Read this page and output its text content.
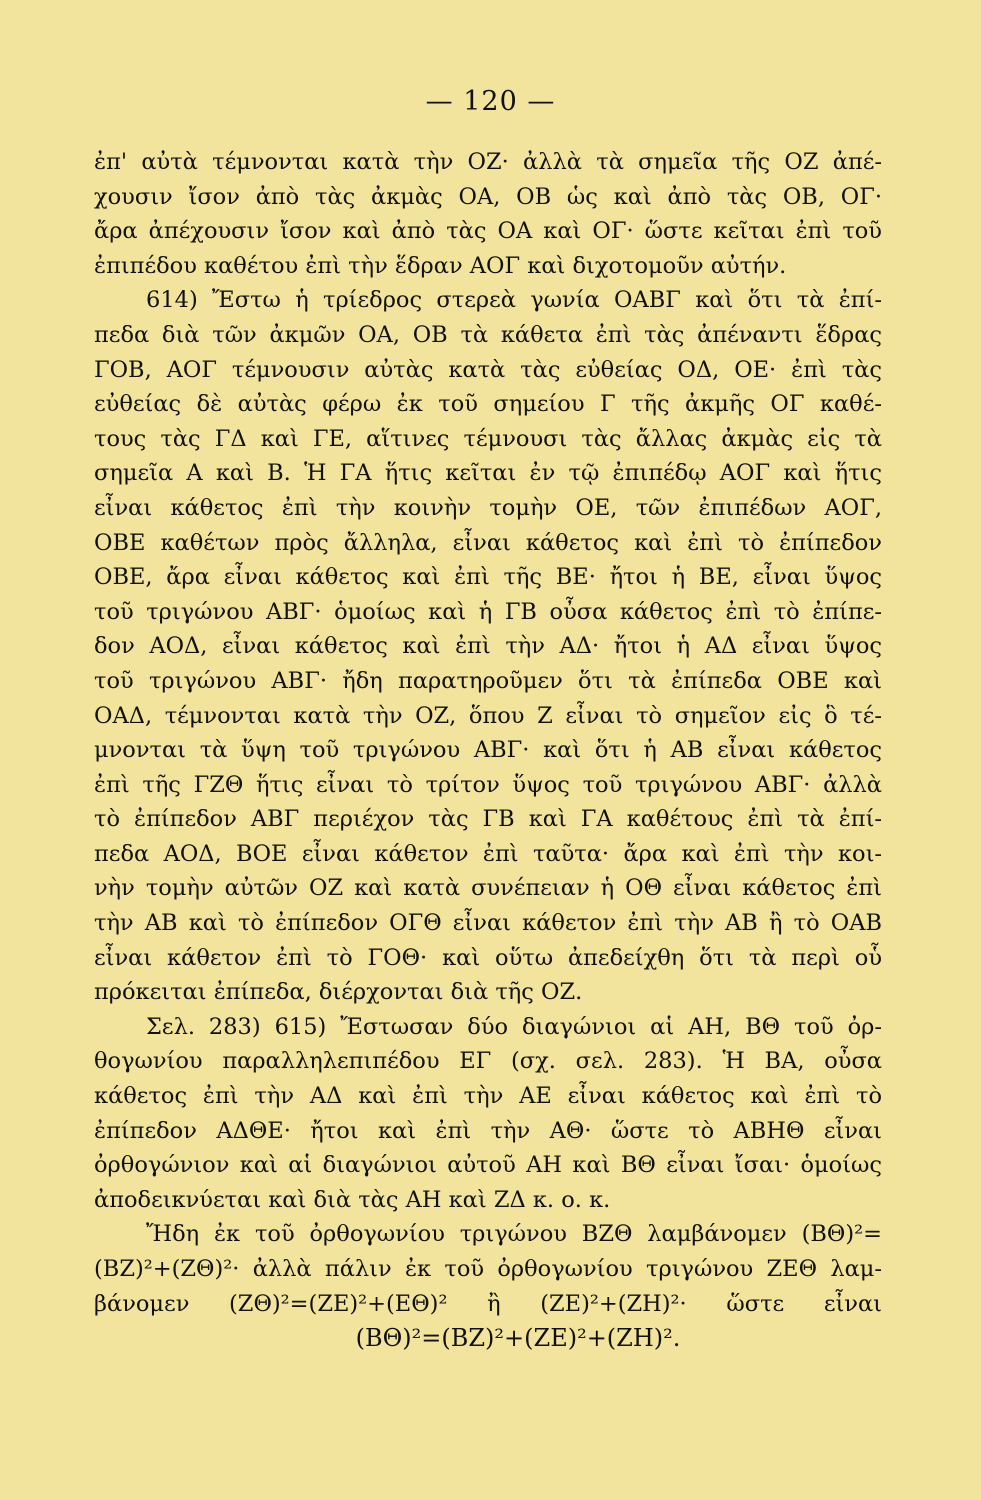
— 120 —
ἐπ' αὐτὰ τέμνονται κατὰ τὴν ΟΖ· ἀλλὰ τὰ σημεῖα τῆς ΟΖ ἀπέ-
χουσιν ἴσον ἀπὸ τὰς ἀκμὰς ΟΑ, ΟΒ ὡς καὶ ἀπὸ τὰς ΟΒ, ΟΓ·
ἄρα ἀπέχουσιν ἴσον καὶ ἀπὸ τὰς ΟΑ καὶ ΟΓ· ὥστε κεῖται ἐπὶ τοῦ
ἐπιπέδου καθέτου ἐπὶ τὴν ἕδραν ΑΟΓ καὶ διχοτομοῦν αὐτήν.
614) Ἔστω ἡ τρίεδρος στερεὰ γωνία ΟΑΒΓ καὶ ὅτι τὰ ἐπί-
πεδα διὰ τῶν ἀκμῶν ΟΑ, ΟΒ τὰ κάθετα ἐπὶ τὰς ἀπέναντι ἕδρας
ΓΟΒ, ΑΟΓ τέμνουσιν αὐτὰς κατὰ τὰς εὐθείας ΟΔ, ΟΕ· ἐπὶ τὰς
εὐθείας δὲ αὐτὰς φέρω ἐκ τοῦ σημείου Γ τῆς ἀκμῆς ΟΓ καθέ-
τους τὰς ΓΔ καὶ ΓΕ, αἵτινες τέμνουσι τὰς ἄλλας ἀκμὰς εἰς τὰ
σημεῖα Α καὶ Β. Ἡ ΓΑ ἥτις κεῖται ἐν τῷ ἐπιπέδῳ ΑΟΓ καὶ ἥτις
εἶναι κάθετος ἐπὶ τὴν κοινὴν τομὴν ΟΕ, τῶν ἐπιπέδων ΑΟΓ,
ΟΒΕ καθέτων πρὸς ἄλληλα, εἶναι κάθετος καὶ ἐπὶ τὸ ἐπίπεδον
ΟΒΕ, ἄρα εἶναι κάθετος καὶ ἐπὶ τῆς ΒΕ· ἤτοι ἡ ΒΕ, εἶναι ὕψος
τοῦ τριγώνου ΑΒΓ· ὁμοίως καὶ ἡ ΓΒ οὖσα κάθετος ἐπὶ τὸ ἐπίπε-
δον ΑΟΔ, εἶναι κάθετος καὶ ἐπὶ τὴν ΑΔ· ἤτοι ἡ ΑΔ εἶναι ὕψος
τοῦ τριγώνου ΑΒΓ· ἤδη παρατηροῦμεν ὅτι τὰ ἐπίπεδα ΟΒΕ καὶ
ΟΑΔ, τέμνονται κατὰ τὴν ΟΖ, ὅπου Ζ εἶναι τὸ σημεῖον εἰς ὃ τέ-
μνονται τὰ ὕψη τοῦ τριγώνου ΑΒΓ· καὶ ὅτι ἡ ΑΒ εἶναι κάθετος
ἐπὶ τῆς ΓΖΘ ἥτις εἶναι τὸ τρίτον ὕψος τοῦ τριγώνου ΑΒΓ· ἀλλὰ
τὸ ἐπίπεδον ΑΒΓ περιέχον τὰς ΓΒ καὶ ΓΑ καθέτους ἐπὶ τὰ ἐπί-
πεδα ΑΟΔ, ΒΟΕ εἶναι κάθετον ἐπὶ ταῦτα· ἄρα καὶ ἐπὶ τὴν κοι-
νὴν τομὴν αὐτῶν ΟΖ καὶ κατὰ συνέπειαν ἡ ΟΘ εἶναι κάθετος ἐπὶ
τὴν ΑΒ καὶ τὸ ἐπίπεδον ΟΓΘ εἶναι κάθετον ἐπὶ τὴν ΑΒ ἢ τὸ ΟΑΒ
εἶναι κάθετον ἐπὶ τὸ ΓΟΘ· καὶ οὕτω ἀπεδείχθη ὅτι τὰ περὶ οὗ
πρόκειται ἐπίπεδα, διέρχονται διὰ τῆς ΟΖ.
Σελ. 283) 615) Ἔστωσαν δύο διαγώνιοι αἱ ΑΗ, ΒΘ τοῦ ὀρ-
θογωνίου παραλληλεπιπέδου ΕΓ (σχ. σελ. 283). Ἡ ΒΑ, οὖσα
κάθετος ἐπὶ τὴν ΑΔ καὶ ἐπὶ τὴν ΑΕ εἶναι κάθετος καὶ ἐπὶ τὸ
ἐπίπεδον ΑΔΘΕ· ἤτοι καὶ ἐπὶ τὴν ΑΘ· ὥστε τὸ ΑΒΗΘ εἶναι
ὀρθογώνιον καὶ αἱ διαγώνιοι αὐτοῦ ΑΗ καὶ ΒΘ εἶναι ἴσαι· ὁμοίως
ἀποδεικνύεται καὶ διὰ τὰς ΑΗ καὶ ΖΔ κ. ο. κ.
Ἤδη ἐκ τοῦ ὀρθογωνίου τριγώνου ΒΖΘ λαμβάνομεν (ΒΘ)²=
(ΒΖ)²+(ΖΘ)²· ἀλλὰ πάλιν ἐκ τοῦ ὀρθογωνίου τριγώνου ΖΕΘ λαμ-
βάνομεν (ΖΘ)²=(ΖΕ)²+(ΕΘ)² ἢ (ΖΕ)²+(ΖΗ)²· ὥστε εἶναι
(ΒΘ)²=(ΒΖ)²+(ΖΕ)²+(ΖΗ)².
